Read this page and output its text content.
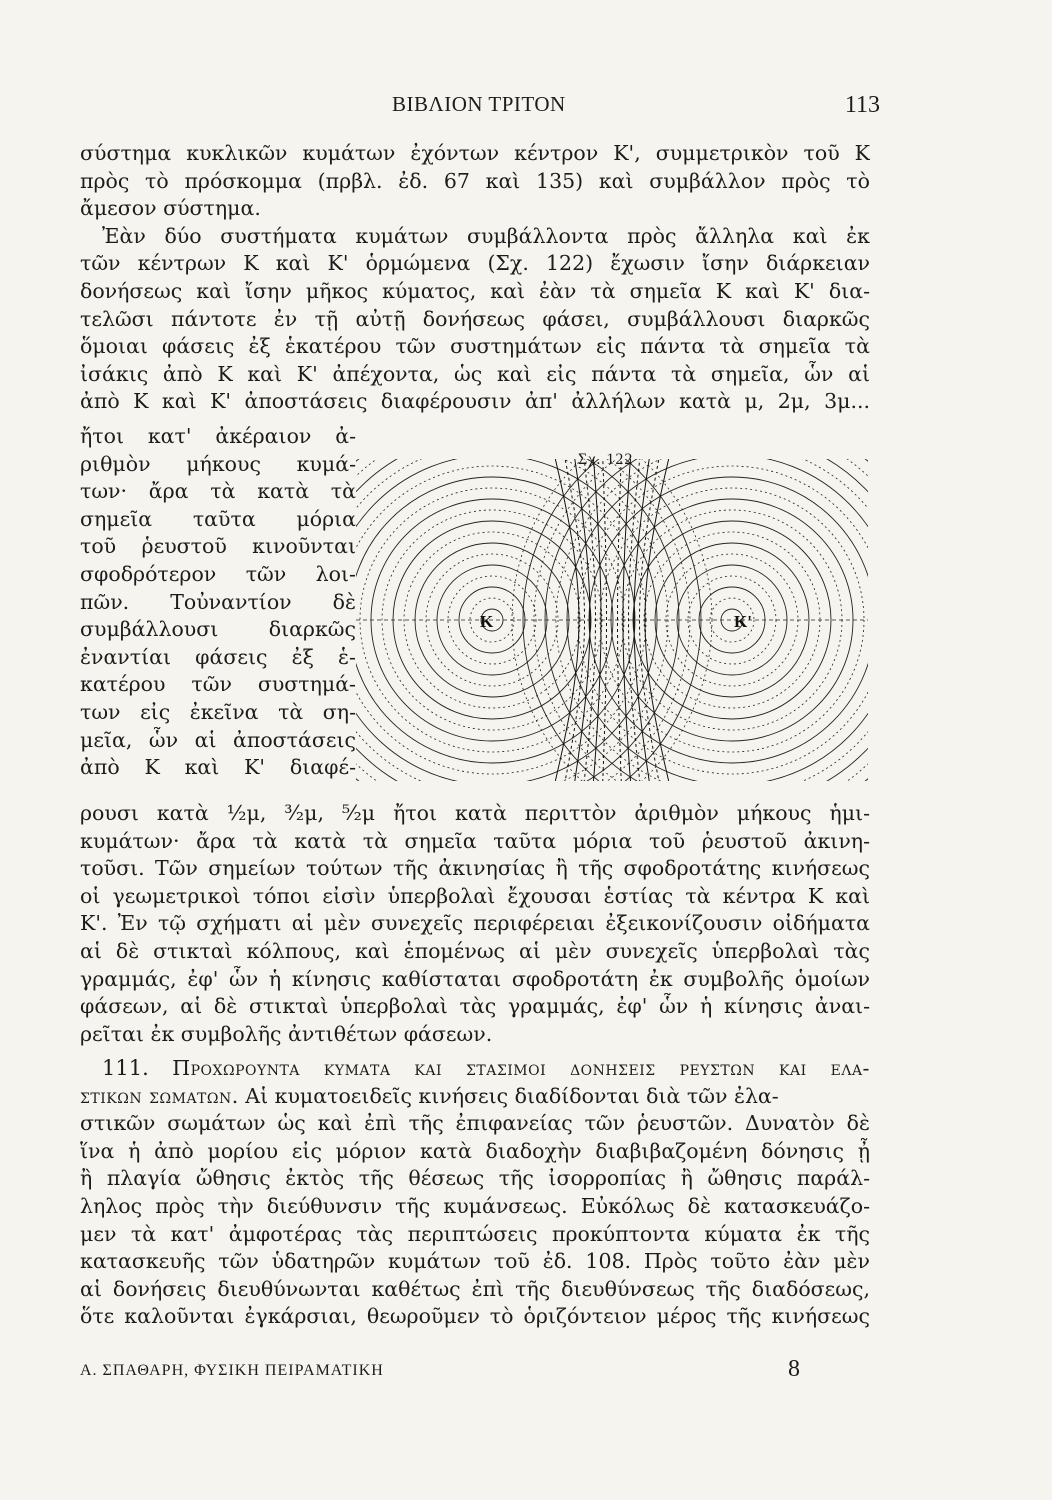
ΒΙΒΛΙΟΝ ΤΡΙΤΟΝ	113
σύστημα κυκλικῶν κυμάτων ἐχόντων κέντρον Κ', συμμετρικὸν τοῦ Κ
πρὸς τὸ πρόσκομμα (πρβλ. ἐδ. 67 καὶ 135) καὶ συμβάλλον πρὸς τὸ
ἄμεσον σύστημα.
Ἐὰν δύο συστήματα κυμάτων συμβάλλοντα πρὸς ἄλληλα καὶ ἐκ
τῶν κέντρων Κ καὶ Κ' ὁρμώμενα (Σχ. 122) ἔχωσιν ἴσην διάρκειαν
δονήσεως καὶ ἴσην μῆκος κύματος, καὶ ἐὰν τὰ σημεῖα Κ καὶ Κ' δια-
τελῶσι πάντοτε ἐν τῇ αὐτῇ δονήσεως φάσει, συμβάλλουσι διαρκῶς
ὅμοιαι φάσεις ἐξ ἑκατέρου τῶν συστημάτων εἰς πάντα τὰ σημεῖα τὰ
ἰσάκις ἀπὸ Κ καὶ Κ' ἀπέχοντα, ὡς καὶ εἰς πάντα τὰ σημεῖα, ὧν αἱ
ἀπὸ Κ καὶ Κ' ἀποστάσεις διαφέρουσιν ἀπ' ἀλλήλων κατὰ μ, 2μ, 3μ...
ἤτοι κατ' ἀκέραιον ἀ-
ριθμὸν μήκους κυμά-
των· ἄρα τὰ κατὰ τὰ
σημεῖα ταῦτα μόρια
τοῦ ῥευστοῦ κινοῦνται
σφοδρότερον τῶν λοι-
πῶν. Τοὐναντίον δὲ
συμβάλλουσι διαρκῶς
ἐναντίαι φάσεις ἐξ ἑ-
κατέρου τῶν συστημά-
των εἰς ἐκεῖνα τὰ ση-
μεῖα, ὧν αἱ ἀποστάσεις
ἀπὸ Κ καὶ Κ' διαφέ-
Σχ. 122
Κ	Κ'
ρουσι κατὰ ½μ, ³⁄₂μ, ⁵⁄₂μ ἤτοι κατὰ περιττὸν ἀριθμὸν μήκους ἡμι-
κυμάτων· ἄρα τὰ κατὰ τὰ σημεῖα ταῦτα μόρια τοῦ ῥευστοῦ ἀκινη-
τοῦσι. Τῶν σημείων τούτων τῆς ἀκινησίας ἢ τῆς σφοδροτάτης κινήσεως
οἱ γεωμετρικοὶ τόποι εἰσὶν ὑπερβολαὶ ἔχουσαι ἑστίας τὰ κέντρα Κ καὶ
Κ'. Ἐν τῷ σχήματι αἱ μὲν συνεχεῖς περιφέρειαι ἐξεικονίζουσιν οἰδήματα
αἱ δὲ στικταὶ κόλπους, καὶ ἑπομένως αἱ μὲν συνεχεῖς ὑπερβολαὶ τὰς
γραμμάς, ἐφ' ὧν ἡ κίνησις καθίσταται σφοδροτάτη ἐκ συμβολῆς ὁμοίων
φάσεων, αἱ δὲ στικταὶ ὑπερβολαὶ τὰς γραμμάς, ἐφ' ὧν ἡ κίνησις ἀναι-
ρεῖται ἐκ συμβολῆς ἀντιθέτων φάσεων.
111. Προχωρουντα κυματα και στασιμοι δονησεις ρευστων και ελα-
στικων σωματων. Αἱ κυματοειδεῖς κινήσεις διαδίδονται διὰ τῶν ἐλα-
στικῶν σωμάτων ὡς καὶ ἐπὶ τῆς ἐπιφανείας τῶν ῥευστῶν. Δυνατὸν δὲ
ἵνα ἡ ἀπὸ μορίου εἰς μόριον κατὰ διαδοχὴν διαβιβαζομένη δόνησις ᾖ
ἢ πλαγία ὤθησις ἐκτὸς τῆς θέσεως τῆς ἰσορροπίας ἢ ὤθησις παράλ-
ληλος πρὸς τὴν διεύθυνσιν τῆς κυμάνσεως. Εὐκόλως δὲ κατασκευάζο-
μεν τὰ κατ' ἀμφοτέρας τὰς περιπτώσεις προκύπτοντα κύματα ἐκ τῆς
κατασκευῆς τῶν ὑδατηρῶν κυμάτων τοῦ ἐδ. 108. Πρὸς τοῦτο ἐὰν μὲν
αἱ δονήσεις διευθύνωνται καθέτως ἐπὶ τῆς διευθύνσεως τῆς διαδόσεως,
ὅτε καλοῦνται ἐγκάρσιαι, θεωροῦμεν τὸ ὁριζόντειον μέρος τῆς κινήσεως
Α. ΣΠΑΘΑΡΗ, ΦΥΣΙΚΗ ΠΕΙΡΑΜΑΤΙΚΗ	8
